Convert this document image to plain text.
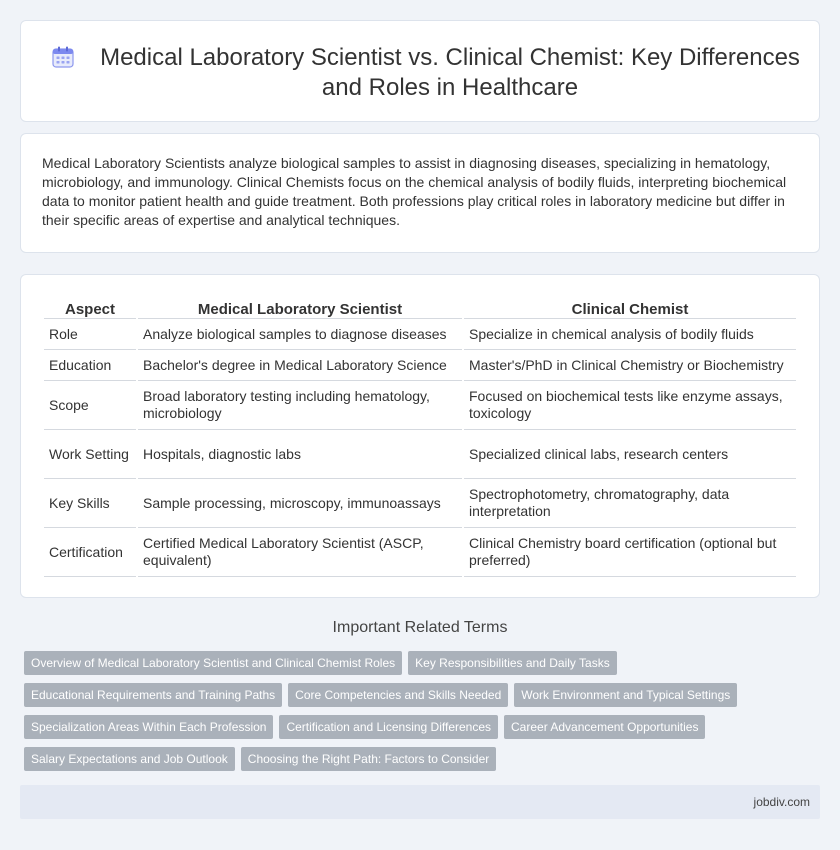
Medical Laboratory Scientist vs. Clinical Chemist: Key Differences and Roles in Healthcare

Medical Laboratory Scientists analyze biological samples to assist in diagnosing diseases, specializing in hematology, microbiology, and immunology. Clinical Chemists focus on the chemical analysis of bodily fluids, interpreting biochemical data to monitor patient health and guide treatment. Both professions play critical roles in laboratory medicine but differ in their specific areas of expertise and analytical techniques.

Aspect	Medical Laboratory Scientist	Clinical Chemist
Role	Analyze biological samples to diagnose diseases	Specialize in chemical analysis of bodily fluids
Education	Bachelor's degree in Medical Laboratory Science	Master's/PhD in Clinical Chemistry or Biochemistry
Scope	Broad laboratory testing including hematology, microbiology	Focused on biochemical tests like enzyme assays, toxicology
Work Setting	Hospitals, diagnostic labs	Specialized clinical labs, research centers
Key Skills	Sample processing, microscopy, immunoassays	Spectrophotometry, chromatography, data interpretation
Certification	Certified Medical Laboratory Scientist (ASCP, equivalent)	Clinical Chemistry board certification (optional but preferred)
Important Related Terms
Overview of Medical Laboratory Scientist and Clinical Chemist Roles	Key Responsibilities and Daily Tasks
Educational Requirements and Training Paths	Core Competencies and Skills Needed	Work Environment and Typical Settings
Specialization Areas Within Each Profession	Certification and Licensing Differences	Career Advancement Opportunities
Salary Expectations and Job Outlook	Choosing the Right Path: Factors to Consider
jobdiv.com
